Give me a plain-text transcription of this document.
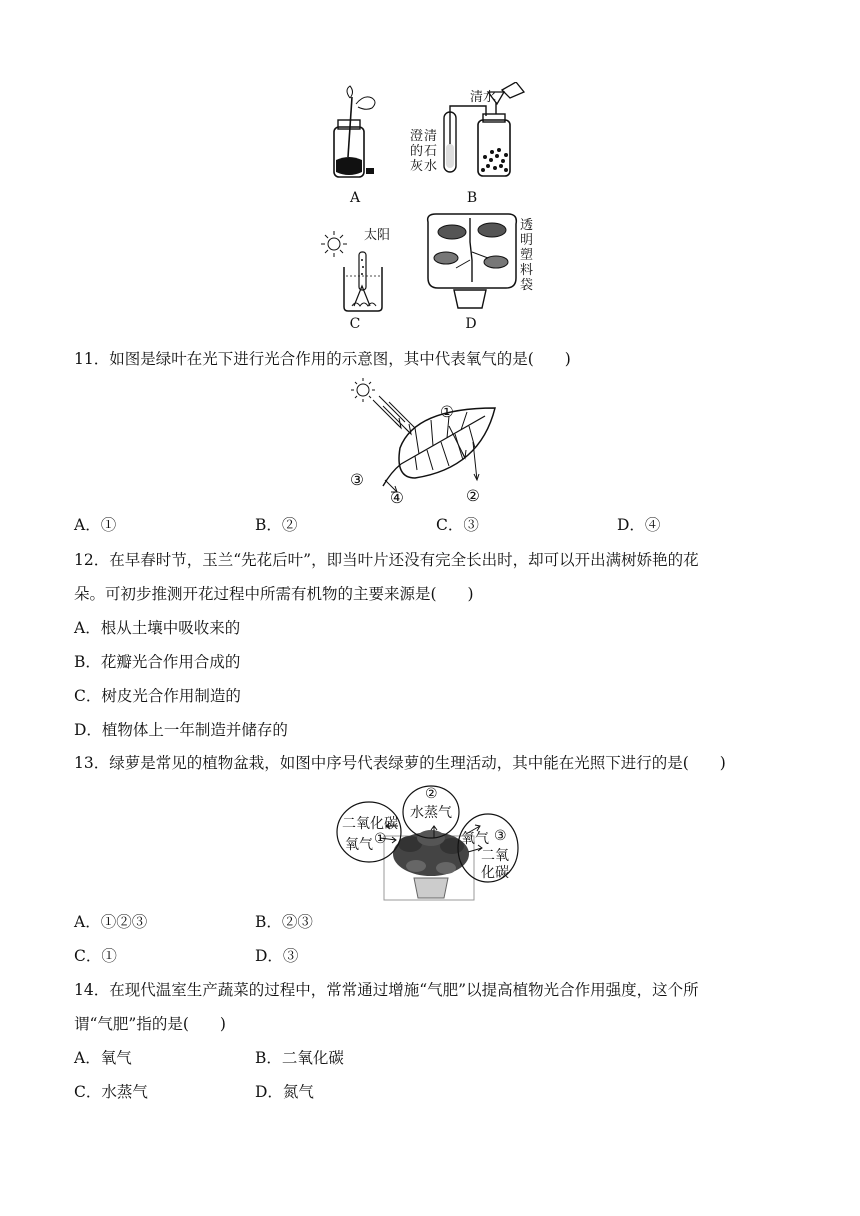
A	B
C	D
清水
澄
的
灰
清
石
水
太阳
透
明
塑
料
袋
11．如图是绿叶在光下进行光合作用的示意图，其中代表氧气的是(　　)
①
②
③
④
A．①	B．②	C．③	D．④
12．在早春时节，玉兰“先花后叶”，即当叶片还没有完全长出时，却可以开出满树娇艳的花
朵。可初步推测开花过程中所需有机物的主要来源是(　　)
A．根从土壤中吸收来的
B．花瓣光合作用合成的
C．树皮光合作用制造的
D．植物体上一年制造并储存的
13．绿萝是常见的植物盆栽，如图中序号代表绿萝的生理活动，其中能在光照下进行的是(　　)
二氧化碳
①
氧气
②
水蒸气
氧气 ③
二氧
化碳
A．①②③	B．②③
C．①	D．③
14．在现代温室生产蔬菜的过程中，常常通过增施“气肥”以提高植物光合作用强度，这个所
谓“气肥”指的是(　　)
A．氧气	B．二氧化碳
C．水蒸气	D．氮气
